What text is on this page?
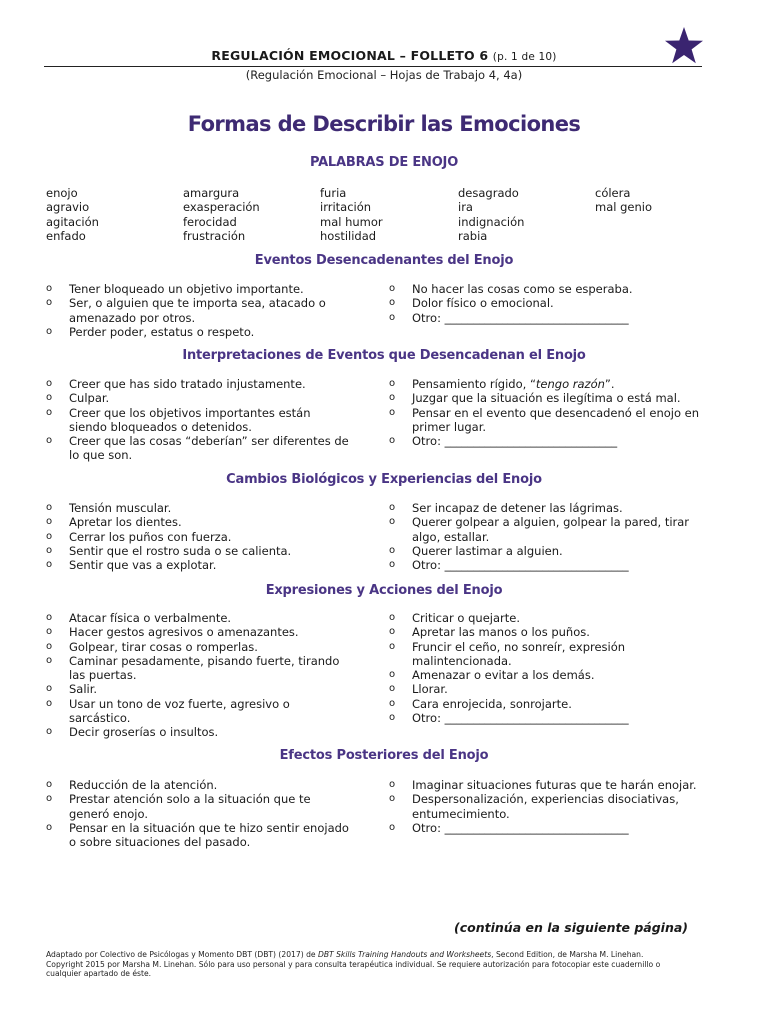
REGULACIÓN EMOCIONAL – FOLLETO 6 (p. 1 de 10)
(Regulación Emocional – Hojas de Trabajo 4, 4a)
Formas de Describir las Emociones
PALABRAS DE ENOJO
enojo
agravio
agitación
enfado
amargura
exasperación
ferocidad
frustración
furia
irritación
mal humor
hostilidad
desagrado
ira
indignación
rabia
cólera
mal genio
Eventos Desencadenantes del Enojo
o Tener bloqueado un objetivo importante.
o Ser, o alguien que te importa sea, atacado o amenazado por otros.
o Perder poder, estatus o respeto.
o No hacer las cosas como se esperaba.
o Dolor físico o emocional.
o Otro: ________________________________
Interpretaciones de Eventos que Desencadenan el Enojo
o Creer que has sido tratado injustamente.
o Culpar.
o Creer que los objetivos importantes están siendo bloqueados o detenidos.
o Creer que las cosas “deberían” ser diferentes de lo que son.
o Pensamiento rígido, “tengo razón”.
o Juzgar que la situación es ilegítima o está mal.
o Pensar en el evento que desencadenó el enojo en primer lugar.
o Otro: ______________________________
Cambios Biológicos y Experiencias del Enojo
o Tensión muscular.
o Apretar los dientes.
o Cerrar los puños con fuerza.
o Sentir que el rostro suda o se calienta.
o Sentir que vas a explotar.
o Ser incapaz de detener las lágrimas.
o Querer golpear a alguien, golpear la pared, tirar algo, estallar.
o Querer lastimar a alguien.
o Otro: ________________________________
Expresiones y Acciones del Enojo
o Atacar física o verbalmente.
o Hacer gestos agresivos o amenazantes.
o Golpear, tirar cosas o romperlas.
o Caminar pesadamente, pisando fuerte, tirando las puertas.
o Salir.
o Usar un tono de voz fuerte, agresivo o sarcástico.
o Decir groserías o insultos.
o Criticar o quejarte.
o Apretar las manos o los puños.
o Fruncir el ceño, no sonreír, expresión malintencionada.
o Amenazar o evitar a los demás.
o Llorar.
o Cara enrojecida, sonrojarte.
o Otro: ________________________________
Efectos Posteriores del Enojo
o Reducción de la atención.
o Prestar atención solo a la situación que te generó enojo.
o Pensar en la situación que te hizo sentir enojado o sobre situaciones del pasado.
o Imaginar situaciones futuras que te harán enojar.
o Despersonalización, experiencias disociativas, entumecimiento.
o Otro: ________________________________
(continúa en la siguiente página)
Adaptado por Colectivo de Psicólogas y Momento DBT (DBT) (2017) de DBT Skills Training Handouts and Worksheets, Second Edition, de Marsha M. Linehan. Copyright 2015 por Marsha M. Linehan. Sólo para uso personal y para consulta terapéutica individual. Se requiere autorización para fotocopiar este cuadernillo o cualquier apartado de éste.
